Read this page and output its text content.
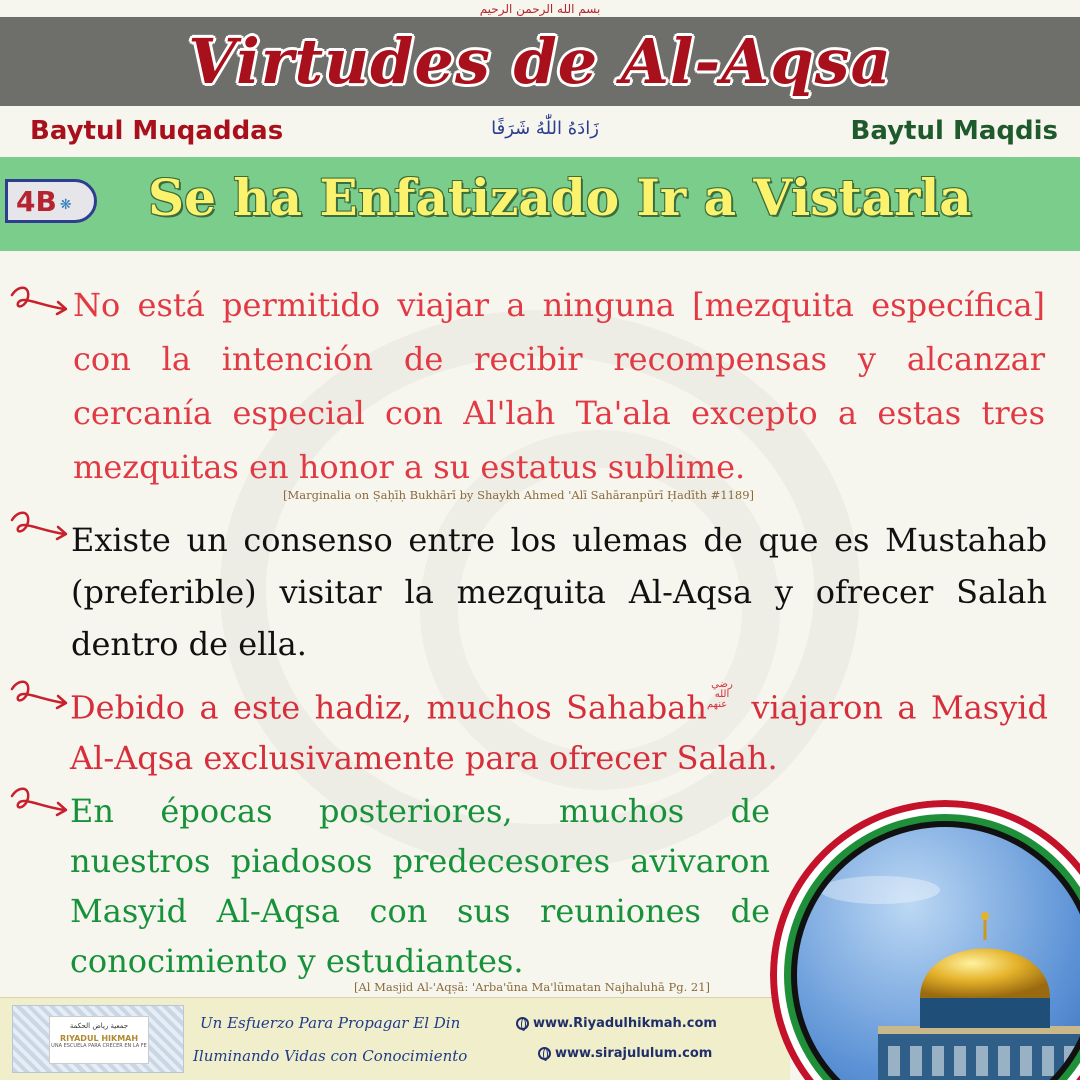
بسم الله الرحمن الرحيم
Virtudes de Al-Aqsa
Baytul Muqaddas	زَادَهُ اللّٰهُ شَرَفًا	Baytul Maqdis
4B ❋ Se ha Enfatizado Ir a Vistarla
No está permitido viajar a ninguna [mezquita específica] con la intención de recibir recompensas y alcanzar cercanía especial con Al'lah Ta'ala excepto a estas tres mezquitas en honor a su estatus sublime.
[Marginalia on Ṣaḥīḥ Bukhārī by Shaykh Ahmed 'Alī Sahāranpūrī Ḥadīth #1189]
Existe un consenso entre los ulemas de que es Mustahab (preferible) visitar la mezquita Al-Aqsa y ofrecer Salah dentro de ella.
Debido a este hadiz, muchos Sahabahرضي الله عنهم viajaron a Masyid Al-Aqsa exclusivamente para ofrecer Salah.
En épocas posteriores, muchos de nuestros piadosos predecesores avivaron Masyid Al-Aqsa con sus reuniones de conocimiento y estudiantes.
[Al Masjid Al-'Aqṣā: 'Arba'ūna Ma'lūmatan Najhaluhā Pg. 21]
جمعية رياض الحكمة
RIYADUL HIKMAH
UNA ESCUELA PARA CRECER EN LA FE
Un Esfuerzo Para Propagar El Din
Iluminando Vidas con Conocimiento
www.Riyadulhikmah.com
www.sirajululum.com
